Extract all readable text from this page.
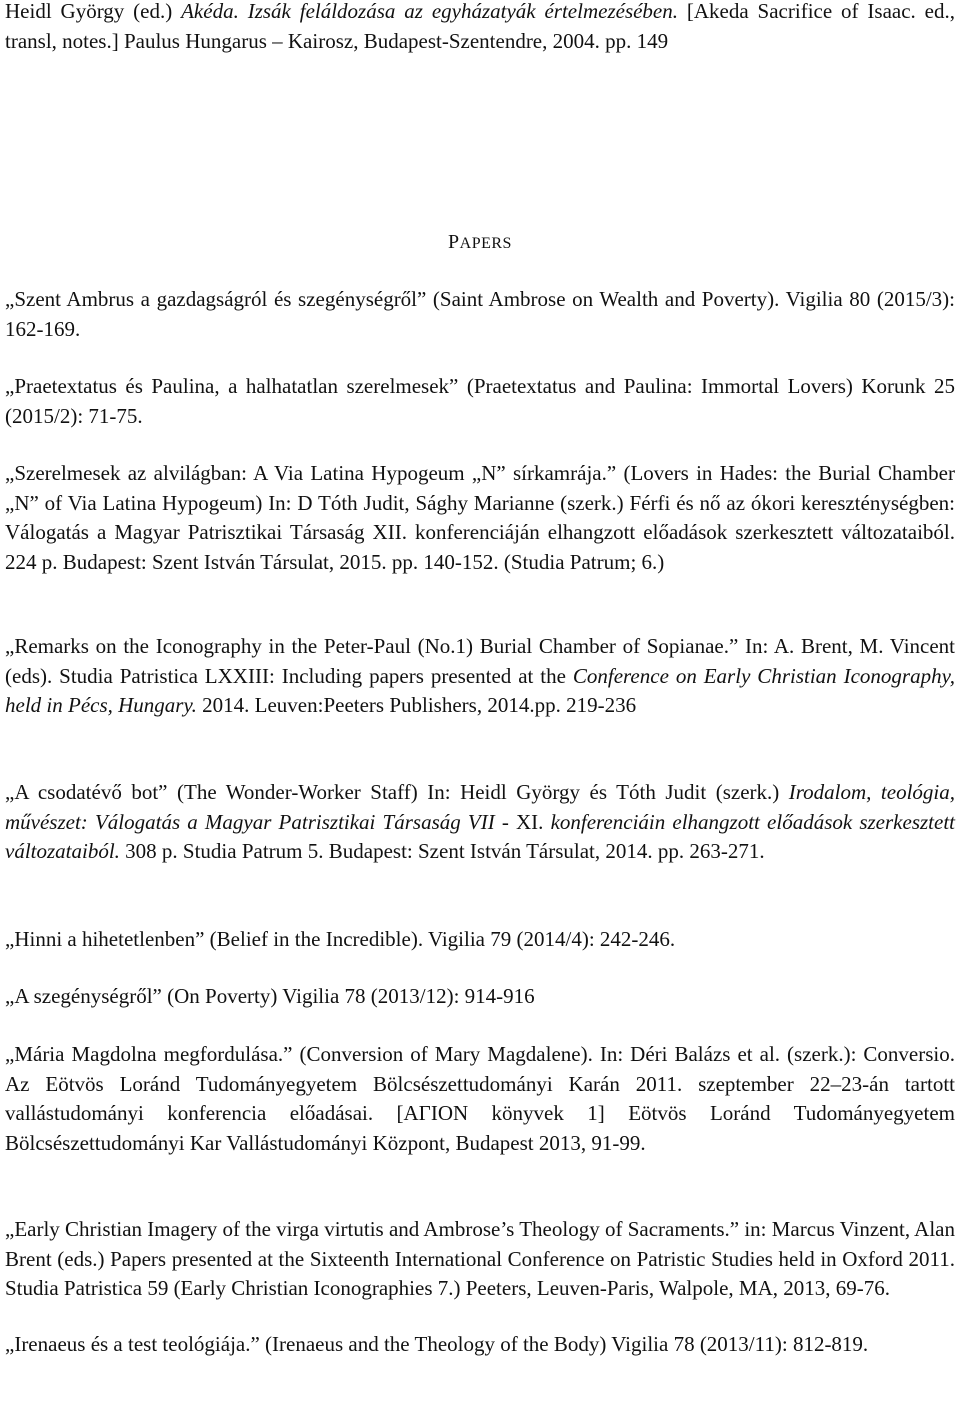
Heidl György (ed.) Akéda. Izsák feláldozása az egyházatyák értelmezésében. [Akeda Sacrifice of Isaac. ed., transl, notes.] Paulus Hungarus – Kairosz, Budapest-Szentendre, 2004. pp. 149
PAPERS
„Szent Ambrus a gazdagságról és szegénységről” (Saint Ambrose on Wealth and Poverty). Vigilia 80 (2015/3): 162-169.
„Praetextatus és Paulina, a halhatatlan szerelmesek” (Praetextatus and Paulina: Immortal Lovers) Korunk 25 (2015/2): 71-75.
„Szerelmesek az alvilágban: A Via Latina Hypogeum „N” sírkamrája.” (Lovers in Hades: the Burial Chamber „N” of Via Latina Hypogeum) In: D Tóth Judit, Sághy Marianne (szerk.) Férfi és nő az ókori kereszténységben: Válogatás a Magyar Patrisztikai Társaság XII. konferenciáján elhangzott előadások szerkesztett változataiból. 224 p. Budapest: Szent István Társulat, 2015. pp. 140-152. (Studia Patrum; 6.)
„Remarks on the Iconography in the Peter-Paul (No.1) Burial Chamber of Sopianae.” In: A. Brent, M. Vincent (eds). Studia Patristica LXXIII: Including papers presented at the Conference on Early Christian Iconography, held in Pécs, Hungary. 2014. Leuven:Peeters Publishers, 2014.pp. 219-236
„A csodatévő bot” (The Wonder-Worker Staff) In: Heidl György és Tóth Judit (szerk.) Irodalom, teológia, művészet: Válogatás a Magyar Patrisztikai Társaság VII - XI. konferenciáin elhangzott előadások szerkesztett változataiból. 308 p. Studia Patrum 5. Budapest: Szent István Társulat, 2014. pp. 263-271.
„Hinni a hihetetlenben” (Belief in the Incredible). Vigilia 79 (2014/4): 242-246.
„A szegénységről” (On Poverty) Vigilia 78 (2013/12): 914-916
„Mária Magdolna megfordulása.” (Conversion of Mary Magdalene). In: Déri Balázs et al. (szerk.): Conversio. Az Eötvös Loránd Tudományegyetem Bölcsészettudományi Karán 2011. szeptember 22–23-án tartott vallástudományi konferencia előadásai. [ΑΓΙΟΝ könyvek 1] Eötvös Loránd Tudományegyetem Bölcsészettudományi Kar Vallástudományi Központ, Budapest 2013, 91-99.
„Early Christian Imagery of the virga virtutis and Ambrose’s Theology of Sacraments.” in: Marcus Vinzent, Alan Brent (eds.) Papers presented at the Sixteenth International Conference on Patristic Studies held in Oxford 2011. Studia Patristica 59 (Early Christian Iconographies 7.) Peeters, Leuven-Paris, Walpole, MA, 2013, 69-76.
„Irenaeus és a test teológiája.” (Irenaeus and the Theology of the Body) Vigilia 78 (2013/11): 812-819.
